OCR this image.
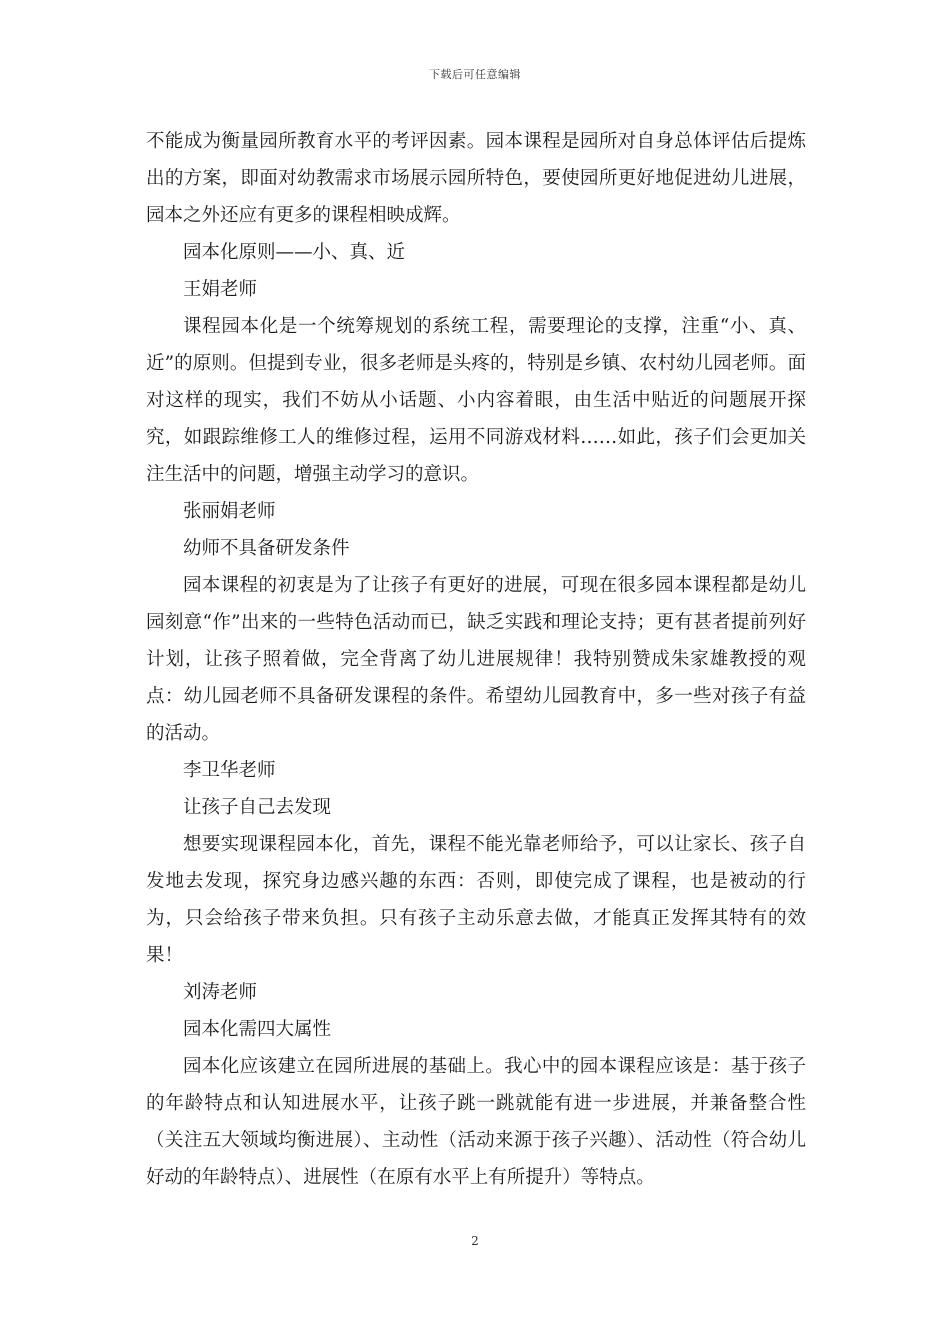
下载后可任意编辑

不能成为衡量园所教育水平的考评因素。园本课程是园所对自身总体评估后提炼出的方案，即面对幼教需求市场展示园所特色，要使园所更好地促进幼儿进展，园本之外还应有更多的课程相映成辉。

园本化原则——小、真、近

王娟老师

课程园本化是一个统筹规划的系统工程，需要理论的支撑，注重“小、真、近”的原则。但提到专业，很多老师是头疼的，特别是乡镇、农村幼儿园老师。面对这样的现实，我们不妨从小话题、小内容着眼，由生活中贴近的问题展开探究，如跟踪维修工人的维修过程，运用不同游戏材料……如此，孩子们会更加关注生活中的问题，增强主动学习的意识。

张丽娟老师

幼师不具备研发条件

园本课程的初衷是为了让孩子有更好的进展，可现在很多园本课程都是幼儿园刻意“作”出来的一些特色活动而已，缺乏实践和理论支持；更有甚者提前列好计划，让孩子照着做，完全背离了幼儿进展规律！我特别赞成朱家雄教授的观点：幼儿园老师不具备研发课程的条件。希望幼儿园教育中，多一些对孩子有益的活动。

李卫华老师

让孩子自己去发现

想要实现课程园本化，首先，课程不能光靠老师给予，可以让家长、孩子自发地去发现，探究身边感兴趣的东西：否则，即使完成了课程，也是被动的行为，只会给孩子带来负担。只有孩子主动乐意去做，才能真正发挥其特有的效果！

刘涛老师

园本化需四大属性

园本化应该建立在园所进展的基础上。我心中的园本课程应该是：基于孩子的年龄特点和认知进展水平，让孩子跳一跳就能有进一步进展，并兼备整合性（关注五大领域均衡进展）、主动性（活动来源于孩子兴趣）、活动性（符合幼儿好动的年龄特点）、进展性（在原有水平上有所提升）等特点。

2
